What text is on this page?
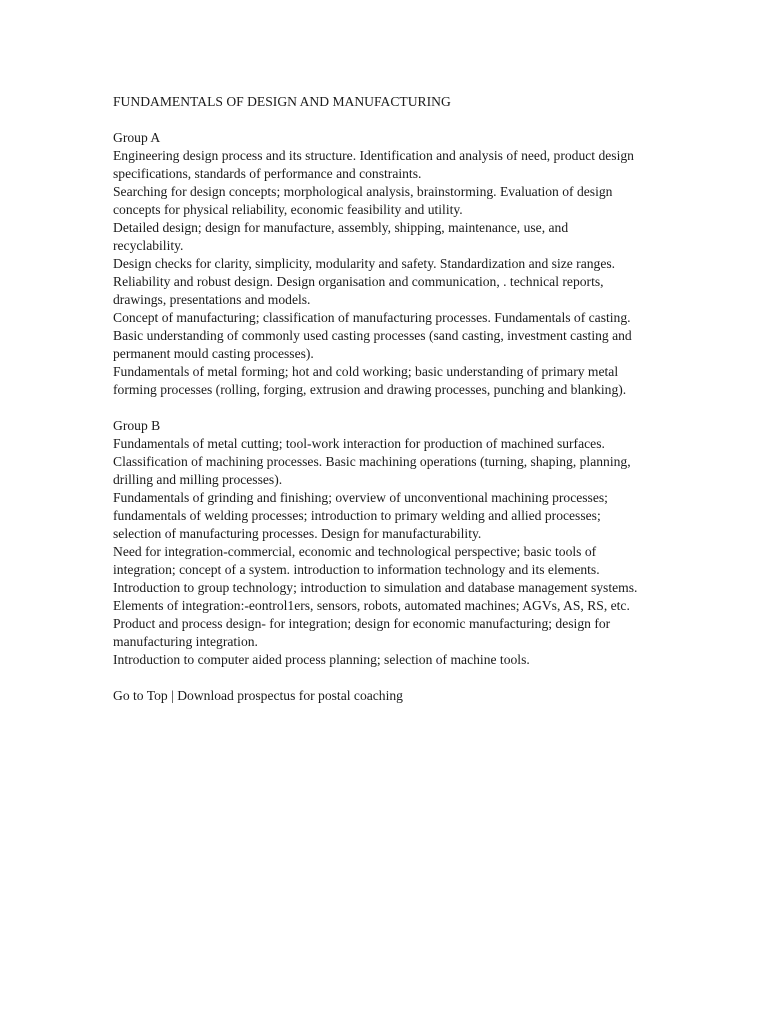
FUNDAMENTALS OF DESIGN AND MANUFACTURING
Group A

Engineering design process and its structure. Identification and analysis of need, product design specifications, standards of performance and constraints.

Searching for design concepts; morphological analysis, brainstorming. Evaluation of design concepts for physical reliability, economic feasibility and utility.

Detailed design; design for manufacture, assembly, shipping, maintenance, use, and recyclability.

Design checks for clarity, simplicity, modularity and safety. Standardization and size ranges. Reliability and robust design. Design organisation and communication, . technical reports, drawings, presentations and models.

Concept of manufacturing; classification of manufacturing processes. Fundamentals of casting. Basic understanding of commonly used casting processes (sand casting, investment casting and permanent mould casting processes).

Fundamentals of metal forming; hot and cold working; basic understanding of primary metal forming processes (rolling, forging, extrusion and drawing processes, punching and blanking).

Group B

Fundamentals of metal cutting; tool-work interaction for production of machined surfaces. Classification of machining processes. Basic machining operations (turning, shaping, planning, drilling and milling processes).

Fundamentals of grinding and finishing; overview of unconventional machining processes; fundamentals of welding processes; introduction to primary welding and allied processes; selection of manufacturing processes. Design for manufacturability.

Need for integration-commercial, economic and technological perspective; basic tools of integration; concept of a system. introduction to information technology and its elements.

Introduction to group technology; introduction to simulation and database management systems.

Elements of integration:-eontrol1ers, sensors, robots, automated machines; AGVs, AS, RS, etc.

Product and process design- for integration; design for economic manufacturing; design for manufacturing integration.

Introduction to computer aided process planning; selection of machine tools.

Go to Top | Download prospectus for postal coaching
